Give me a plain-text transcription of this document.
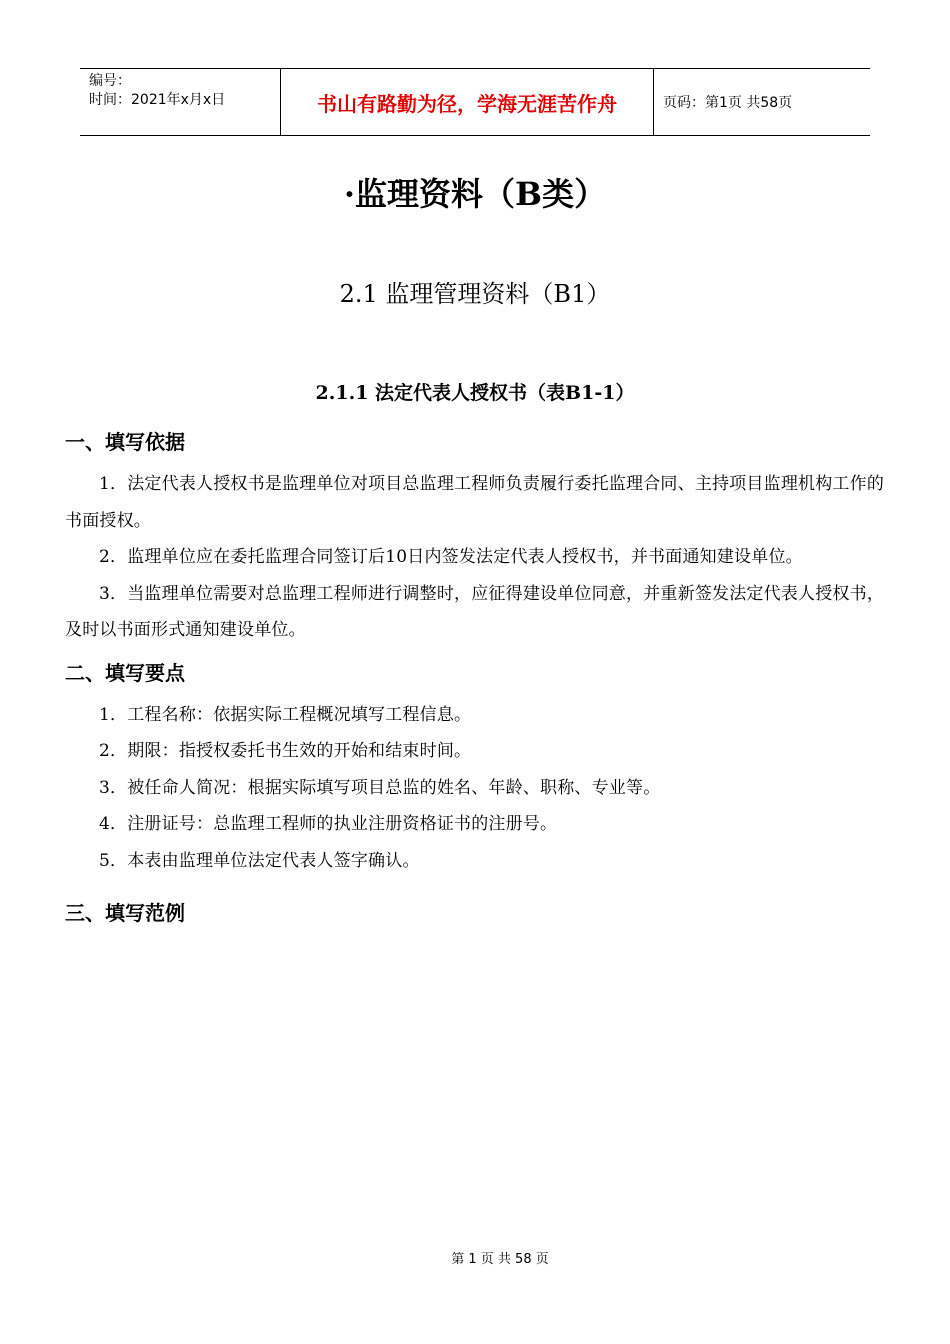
编号：
时间：2021年x月x日	书山有路勤为径，学海无涯苦作舟	页码：第1页 共58页
·监理资料（B类）
2.1 监理管理资料（B1）
2.1.1 法定代表人授权书（表B1-1）
一、填写依据

1．法定代表人授权书是监理单位对项目总监理工程师负责履行委托监理合同、主持项目监理机构工作的书面授权。

2．监理单位应在委托监理合同签订后10日内签发法定代表人授权书，并书面通知建设单位。

3．当监理单位需要对总监理工程师进行调整时，应征得建设单位同意，并重新签发法定代表人授权书，及时以书面形式通知建设单位。

二、填写要点

1．工程名称：依据实际工程概况填写工程信息。

2．期限：指授权委托书生效的开始和结束时间。

3．被任命人简况：根据实际填写项目总监的姓名、年龄、职称、专业等。

4．注册证号：总监理工程师的执业注册资格证书的注册号。

5．本表由监理单位法定代表人签字确认。

三、填写范例
第 1 页 共 58 页
